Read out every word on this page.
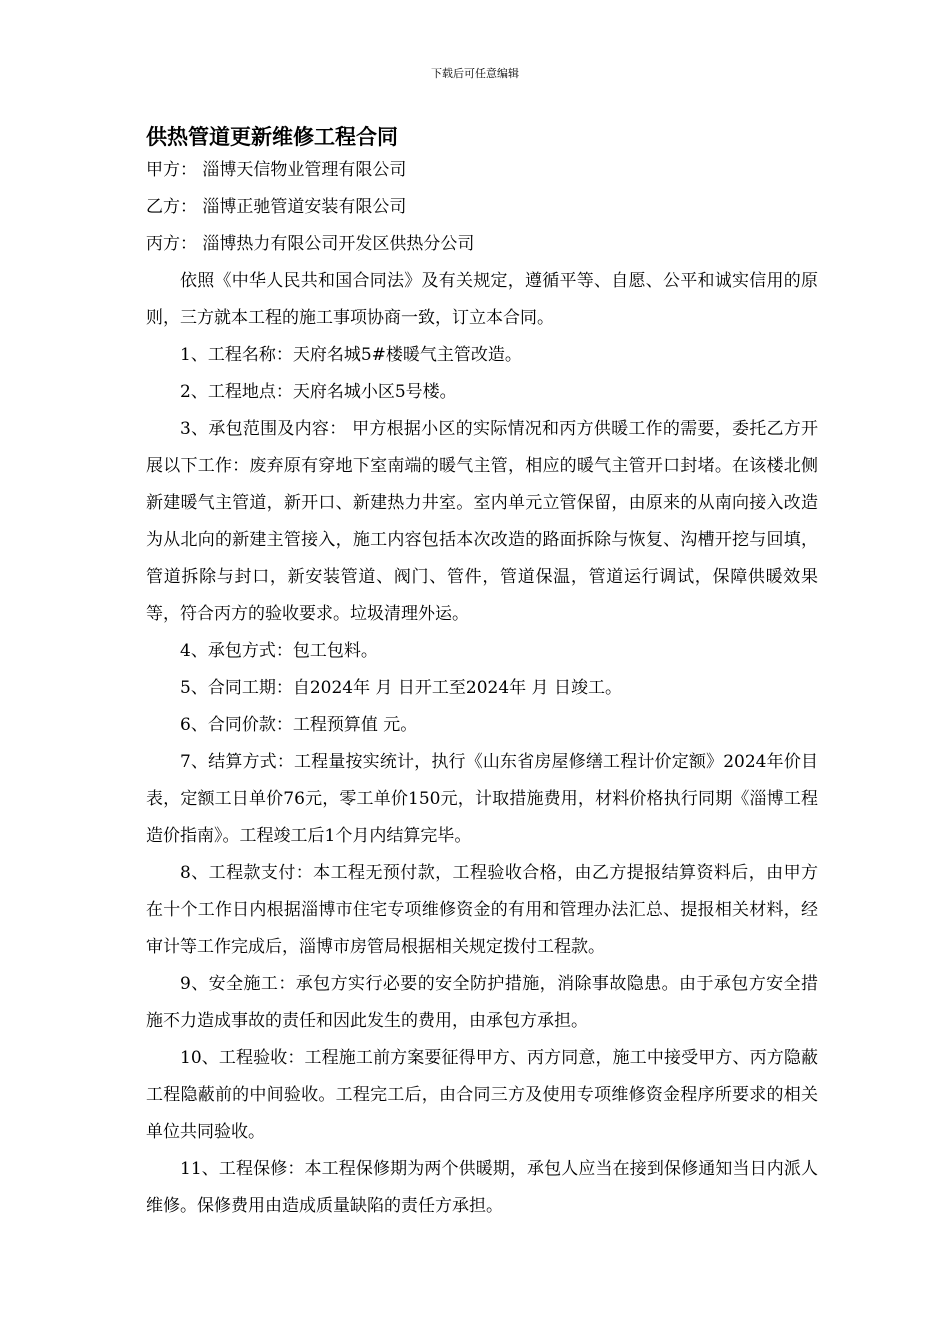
下载后可任意编辑
供热管道更新维修工程合同
甲方： 淄博天信物业管理有限公司
乙方： 淄博正驰管道安装有限公司
丙方： 淄博热力有限公司开发区供热分公司

依照《中华人民共和国合同法》及有关规定，遵循平等、自愿、公平和诚实信用的原则，三方就本工程的施工事项协商一致，订立本合同。

1、工程名称：天府名城5#楼暖气主管改造。

2、工程地点：天府名城小区5号楼。

3、承包范围及内容： 甲方根据小区的实际情况和丙方供暖工作的需要，委托乙方开展以下工作：废弃原有穿地下室南端的暖气主管，相应的暖气主管开口封堵。在该楼北侧新建暖气主管道，新开口、新建热力井室。室内单元立管保留，由原来的从南向接入改造为从北向的新建主管接入，施工内容包括本次改造的路面拆除与恢复、沟槽开挖与回填，管道拆除与封口，新安装管道、阀门、管件，管道保温，管道运行调试，保障供暖效果等，符合丙方的验收要求。垃圾清理外运。

4、承包方式：包工包料。

5、合同工期：自2024年 月 日开工至2024年 月 日竣工。

6、合同价款：工程预算值 元。

7、结算方式：工程量按实统计，执行《山东省房屋修缮工程计价定额》2024年价目表，定额工日单价76元，零工单价150元，计取措施费用，材料价格执行同期《淄博工程造价指南》。工程竣工后1个月内结算完毕。

8、工程款支付：本工程无预付款，工程验收合格，由乙方提报结算资料后，由甲方在十个工作日内根据淄博市住宅专项维修资金的有用和管理办法汇总、提报相关材料，经审计等工作完成后，淄博市房管局根据相关规定拨付工程款。

9、安全施工：承包方实行必要的安全防护措施，消除事故隐患。由于承包方安全措施不力造成事故的责任和因此发生的费用，由承包方承担。

10、工程验收：工程施工前方案要征得甲方、丙方同意，施工中接受甲方、丙方隐蔽工程隐蔽前的中间验收。工程完工后，由合同三方及使用专项维修资金程序所要求的相关单位共同验收。

11、工程保修：本工程保修期为两个供暖期，承包人应当在接到保修通知当日内派人维修。保修费用由造成质量缺陷的责任方承担。
